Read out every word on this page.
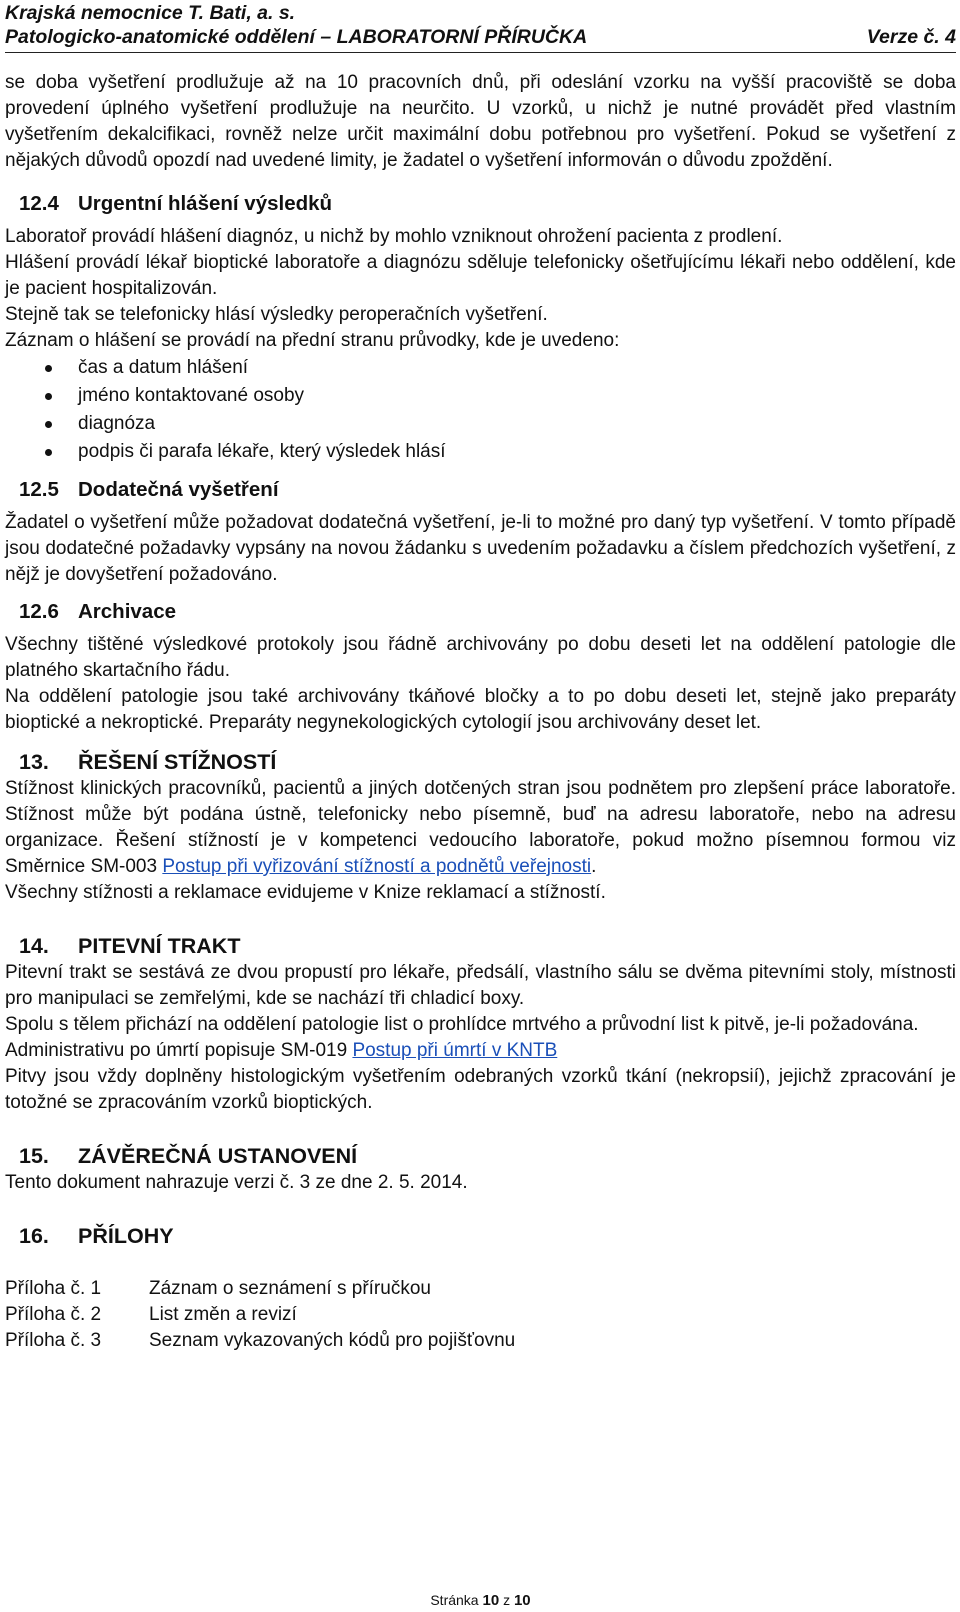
Krajská nemocnice T. Bati, a. s.
Patologicko-anatomické oddělení – LABORATORNÍ PŘÍRUČKA	Verze č. 4

se doba vyšetření prodlužuje až na 10 pracovních dnů, při odeslání vzorku na vyšší pracoviště se doba provedení úplného vyšetření prodlužuje na neurčito. U vzorků, u nichž je nutné provádět před vlastním vyšetřením dekalcifikaci, rovněž nelze určit maximální dobu potřebnou pro vyšetření. Pokud se vyšetření z nějakých důvodů opozdí nad uvedené limity, je žadatel o vyšetření informován o důvodu zpoždění.

12.4 Urgentní hlášení výsledků

Laboratoř provádí hlášení diagnóz, u nichž by mohlo vzniknout ohrožení pacienta z prodlení.

Hlášení provádí lékař bioptické laboratoře a diagnózu sděluje telefonicky ošetřujícímu lékaři nebo oddělení, kde je pacient hospitalizován.

Stejně tak se telefonicky hlásí výsledky peroperačních vyšetření.

Záznam o hlášení se provádí na přední stranu průvodky, kde je uvedeno:

čas a datum hlášení
jméno kontaktované osoby
diagnóza
podpis či parafa lékaře, který výsledek hlásí
12.5 Dodatečná vyšetření

Žadatel o vyšetření může požadovat dodatečná vyšetření, je-li to možné pro daný typ vyšetření. V tomto případě jsou dodatečné požadavky vypsány na novou žádanku s uvedením požadavku a číslem předchozích vyšetření, z nějž je dovyšetření požadováno.

12.6 Archivace

Všechny tištěné výsledkové protokoly jsou řádně archivovány po dobu deseti let na oddělení patologie dle platného skartačního řádu.

Na oddělení patologie jsou také archivovány tkáňové bločky a to po dobu deseti let, stejně jako preparáty bioptické a nekroptické. Preparáty negynekologických cytologií jsou archivovány deset let.

13.	ŘEŠENÍ STÍŽNOSTÍ

Stížnost klinických pracovníků, pacientů a jiných dotčených stran jsou podnětem pro zlepšení práce laboratoře. Stížnost může být podána ústně, telefonicky nebo písemně, buď na adresu laboratoře, nebo na adresu organizace. Řešení stížností je v kompetenci vedoucího laboratoře, pokud možno písemnou formou viz Směrnice SM-003 Postup při vyřizování stížností a podnětů veřejnosti.

Všechny stížnosti a reklamace evidujeme v Knize reklamací a stížností.

14.	PITEVNÍ TRAKT

Pitevní trakt se sestává ze dvou propustí pro lékaře, předsálí, vlastního sálu se dvěma pitevními stoly, místnosti pro manipulaci se zemřelými, kde se nachází tři chladicí boxy.

Spolu s tělem přichází na oddělení patologie list o prohlídce mrtvého a průvodní list k pitvě, je-li požadována.

Administrativu po úmrtí popisuje SM-019 Postup při úmrtí v KNTB

Pitvy jsou vždy doplněny histologickým vyšetřením odebraných vzorků tkání (nekropsií), jejichž zpracování je totožné se zpracováním vzorků bioptických.

15.	ZÁVĚREČNÁ USTANOVENÍ

Tento dokument nahrazuje verzi č. 3 ze dne 2. 5. 2014.

16.	PŘÍLOHY
Příloha č. 1	Záznam o seznámení s příručkou
Příloha č. 2	List změn a revizí
Příloha č. 3	Seznam vykazovaných kódů pro pojišťovnu
Stránka 10 z 10
